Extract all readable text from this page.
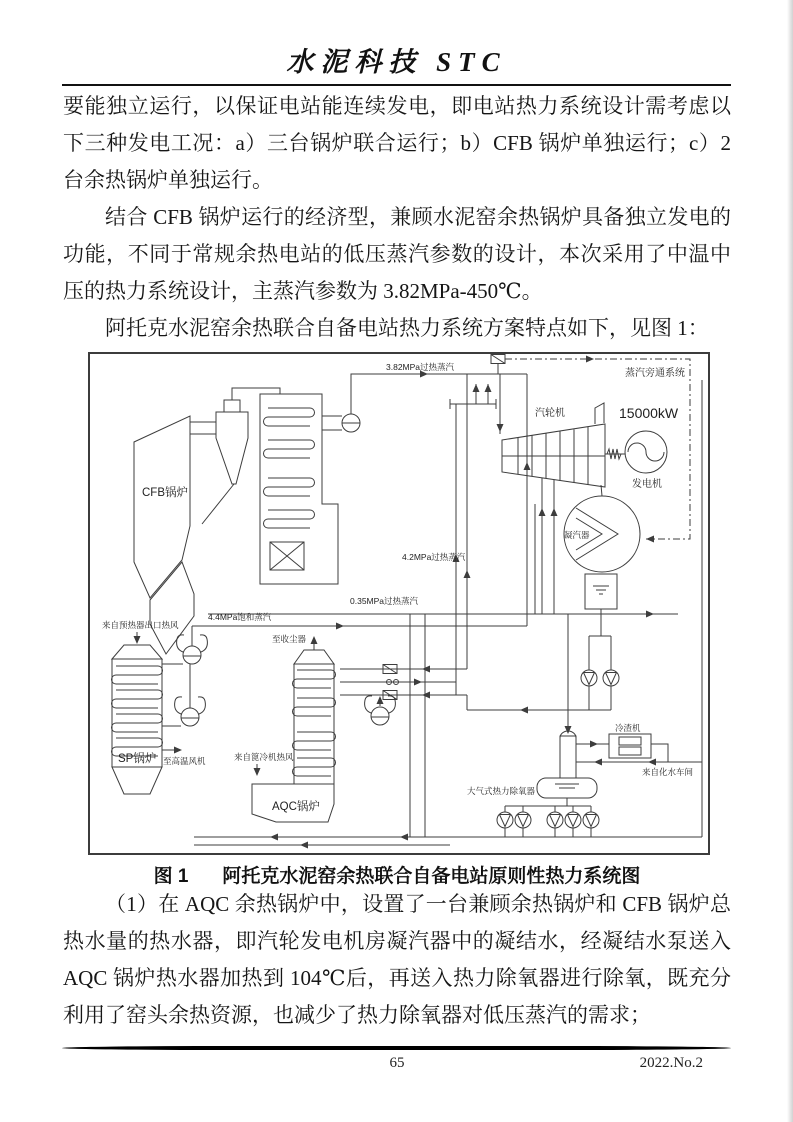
水泥科技 STC

要能独立运行，以保证电站能连续发电，即电站热力系统设计需考虑以下三种发电工况：a）三台锅炉联合运行；b）CFB 锅炉单独运行；c）2 台余热锅炉单独运行。

结合 CFB 锅炉运行的经济型，兼顾水泥窑余热锅炉具备独立发电的功能，不同于常规余热电站的低压蒸汽参数的设计，本次采用了中温中压的热力系统设计，主蒸汽参数为 3.82MPa-450℃。

阿托克水泥窑余热联合自备电站热力系统方案特点如下，见图 1：

CFB锅炉
3.82MPa过热蒸汽
蒸汽旁通系统
汽轮机	15000kW
发电机
凝汽器
0.35MPa过热蒸汽
4.4MPa饱和蒸汽
4.2MPa过热蒸汽
来自预热器出口热风
SP锅炉 至高温风机
至收尘器
AQC锅炉
来自篦冷机热风
大气式热力除氧器
冷渣机
来自化水车间
图 1 阿托克水泥窑余热联合自备电站原则性热力系统图

（1）在 AQC 余热锅炉中，设置了一台兼顾余热锅炉和 CFB 锅炉总热水量的热水器，即汽轮发电机房凝汽器中的凝结水，经凝结水泵送入 AQC 锅炉热水器加热到 104℃后，再送入热力除氧器进行除氧，既充分利用了窑头余热资源，也减少了热力除氧器对低压蒸汽的需求；

65	2022.No.2
